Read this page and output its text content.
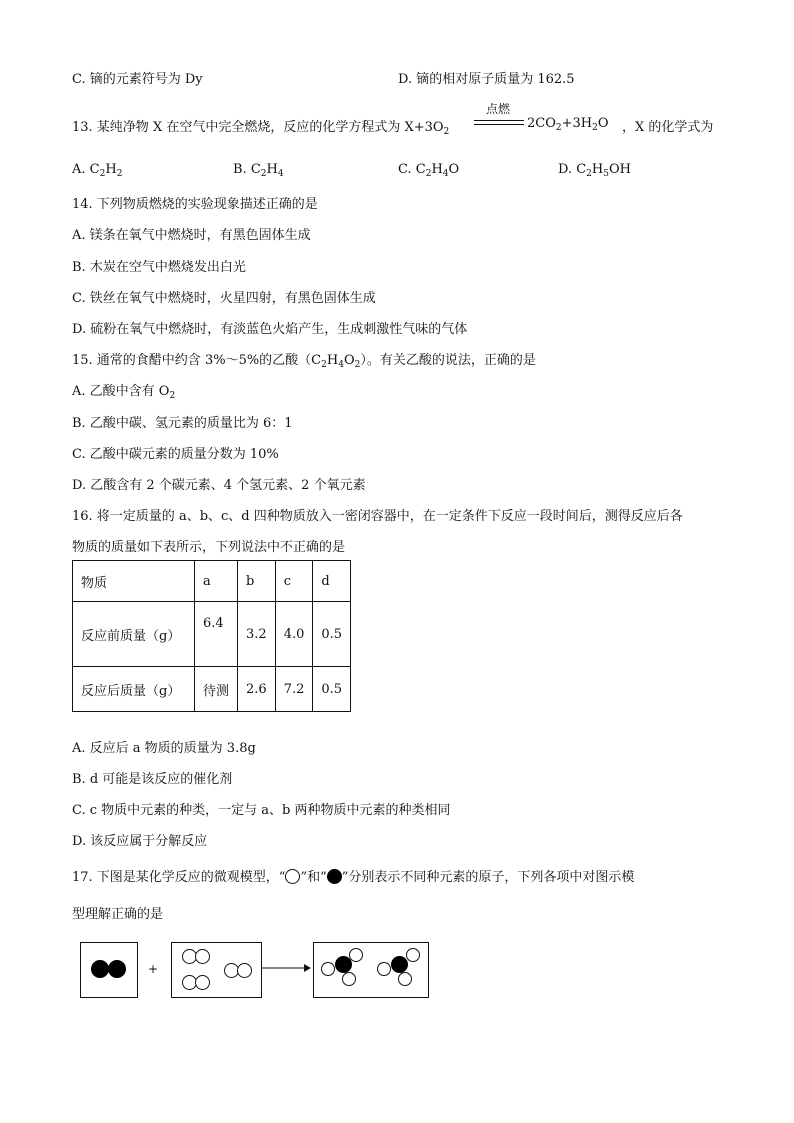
C. 镝的元素符号为 Dy	D. 镝的相对原子质量为 162.5
13. 某纯净物 X 在空气中完全燃烧，反应的化学方程式为 $X+3O_2$
点燃
$2CO_2+3H_2O$ ，X 的化学式为
A. $C_2H_2$	B. $C_2H_4$	C. $C_2H_4O$	D. $C_2H_5OH$
14. 下列物质燃烧的实验现象描述正确的是
A. 镁条在氧气中燃烧时，有黑色固体生成
B. 木炭在空气中燃烧发出白光
C. 铁丝在氧气中燃烧时，火星四射，有黑色固体生成
D. 硫粉在氧气中燃烧时，有淡蓝色火焰产生，生成刺激性气味的气体
15. 通常的食醋中约含 3%～5%的乙酸$(C_2H_4O_2)$。有关乙酸的说法，正确的是
A. 乙酸中含有 $O_2$
B. 乙酸中碳、氢元素的质量比为 6：1
C. 乙酸中碳元素的质量分数为 10%
D. 乙酸含有 2 个碳元素、4 个氢元素、2 个氧元素
16. 将一定质量的 a、b、c、d 四种物质放入一密闭容器中，在一定条件下反应一段时间后，测得反应后各
物质的质量如下表所示，下列说法中不正确的是
物质	a	b	c	d
反应前质量（g）	6.4	3.2	4.0	0.5
反应后质量（g）	待测	2.6	7.2	0.5
A. 反应后 a 物质的质量为 3.8g
B. d 可能是该反应的催化剂
C. c 物质中元素的种类，一定与 a、b 两种物质中元素的种类相同
D. 该反应属于分解反应
17. 下图是某化学反应的微观模型，“ ”和“ ”分别表示不同种元素的原子，下列各项中对图示模
型理解正确的是
+
